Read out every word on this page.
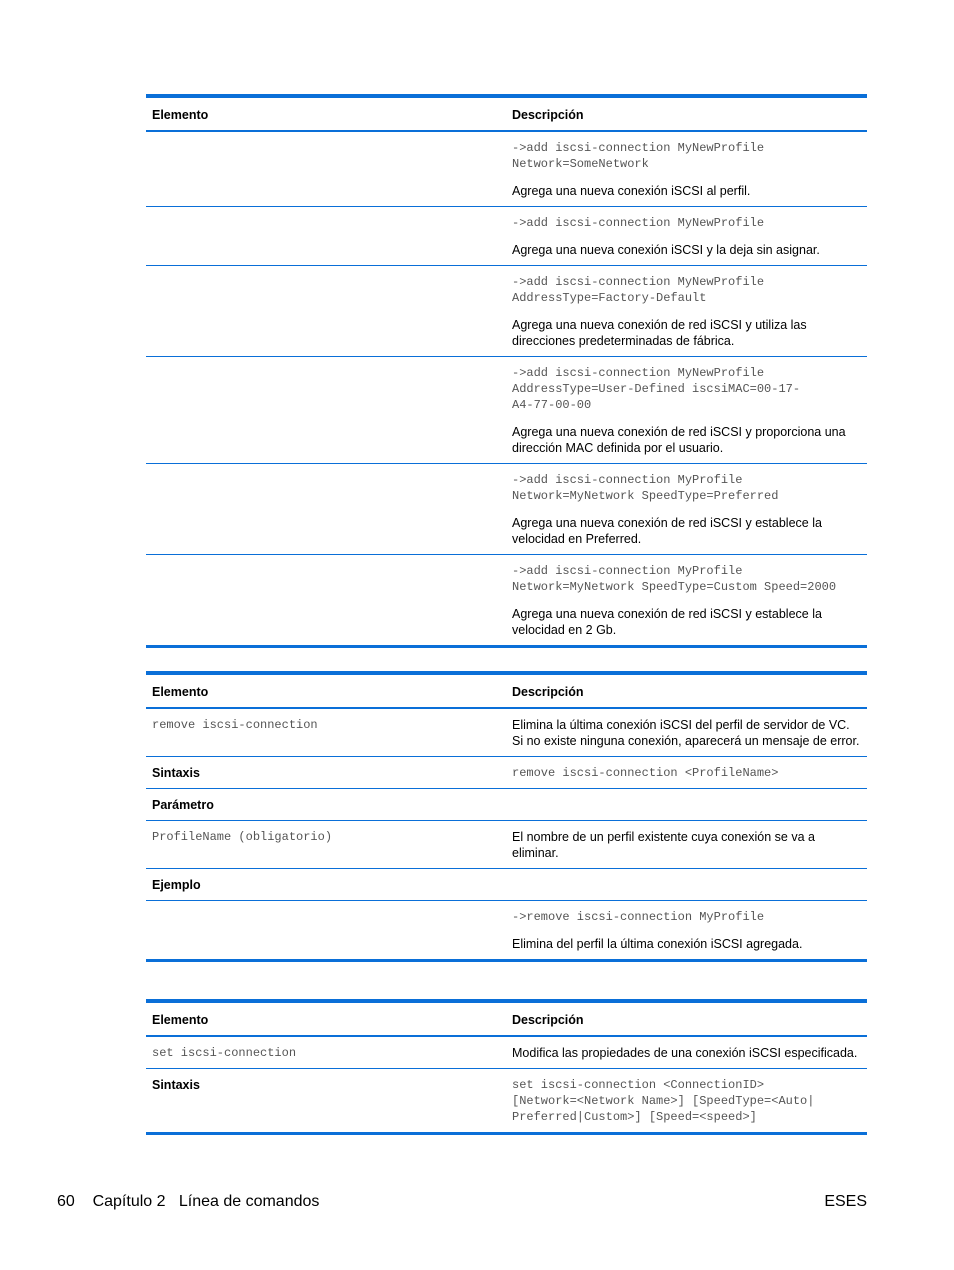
Elemento	Descripción

->add iscsi-connection MyNewProfile
Network=SomeNetwork

Agrega una nueva conexión iSCSI al perfil.

->add iscsi-connection MyNewProfile

Agrega una nueva conexión iSCSI y la deja sin asignar.

->add iscsi-connection MyNewProfile
AddressType=Factory-Default

Agrega una nueva conexión de red iSCSI y utiliza las direcciones predeterminadas de fábrica.

->add iscsi-connection MyNewProfile
AddressType=User-Defined iscsiMAC=00-17-
A4-77-00-00

Agrega una nueva conexión de red iSCSI y proporciona una dirección MAC definida por el usuario.

->add iscsi-connection MyProfile
Network=MyNetwork SpeedType=Preferred

Agrega una nueva conexión de red iSCSI y establece la velocidad en Preferred.

->add iscsi-connection MyProfile
Network=MyNetwork SpeedType=Custom Speed=2000

Agrega una nueva conexión de red iSCSI y establece la velocidad en 2 Gb.

Elemento	Descripción

remove iscsi-connection	Elimina la última conexión iSCSI del perfil de servidor de VC. Si no existe ninguna conexión, aparecerá un mensaje de error.

Sintaxis	remove iscsi-connection <ProfileName>

Parámetro

ProfileName (obligatorio)	El nombre de un perfil existente cuya conexión se va a eliminar.

Ejemplo

->remove iscsi-connection MyProfile

Elimina del perfil la última conexión iSCSI agregada.

Elemento	Descripción

set iscsi-connection	Modifica las propiedades de una conexión iSCSI especificada.

Sintaxis	set iscsi-connection <ConnectionID>
[Network=<Network Name>] [SpeedType=<Auto|
Preferred|Custom>] [Speed=<speed>]

60 Capítulo 2   Línea de comandos	ESES
